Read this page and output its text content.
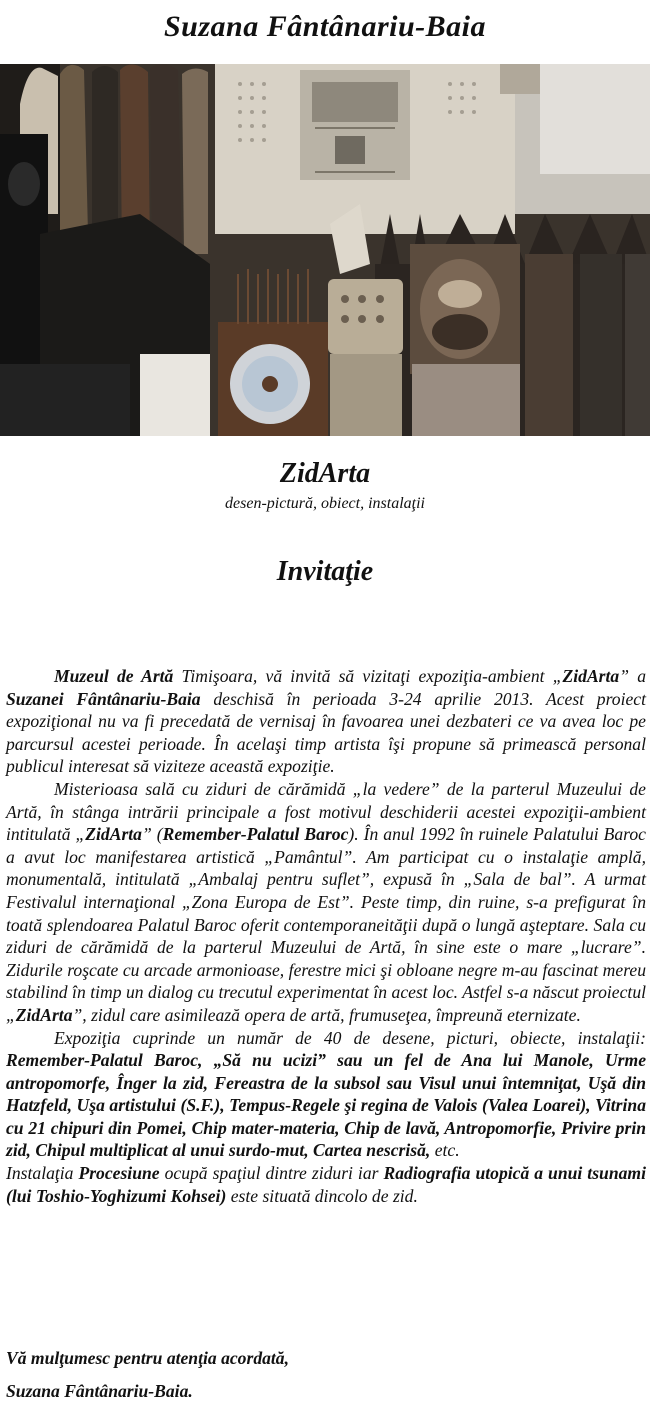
Suzana Fântânariu-Baia
ZidArta
desen-pictură, obiect, instalaţii
Invitaţie

Muzeul de Artă Timişoara, vă invită să vizitaţi expoziţia-ambient „ZidArta” a Suzanei Fântânariu-Baia deschisă în perioada 3-24 aprilie 2013. Acest proiect expoziţional nu va fi precedată de vernisaj în favoarea unei dezbateri ce va avea loc pe parcursul acestei perioade. În acelaşi timp artista îşi propune să primească personal publicul interesat să viziteze această expoziţie.

Misterioasa sală cu ziduri de cărămidă „la vedere” de la parterul Muzeului de Artă, în stânga intrării principale a fost motivul deschiderii acestei expoziţii-ambient intitulată „ZidArta” (Remember-Palatul Baroc). În anul 1992 în ruinele Palatului Baroc a avut loc manifestarea artistică „Pamântul”. Am participat cu o instalaţie amplă, monumentală, intitulată „Ambalaj pentru suflet”, expusă în „Sala de bal”. A urmat Festivalul internaţional „Zona Europa de Est”. Peste timp, din ruine, s-a prefigurat în toată splendoarea Palatul Baroc oferit contemporaneităţii după o lungă aşteptare. Sala cu ziduri de cărămidă de la parterul Muzeului de Artă, în sine este o mare „lucrare”. Zidurile roşcate cu arcade armonioase, ferestre mici şi obloane negre m-au fascinat mereu stabilind în timp un dialog cu trecutul experimentat în acest loc. Astfel s-a născut proiectul „ZidArta”, zidul care asimilează opera de artă, frumuseţea, împreună eternizate.

Expoziţia cuprinde un număr de 40 de desene, picturi, obiecte, instalaţii: Remember-Palatul Baroc, „Să nu ucizi” sau un fel de Ana lui Manole, Urme antropomorfe, Înger la zid, Fereastra de la subsol sau Visul unui întemniţat, Uşă din Hatzfeld, Uşa artistului (S.F.), Tempus-Regele şi regina de Valois (Valea Loarei), Vitrina cu 21 chipuri din Pomei, Chip mater-materia, Chip de lavă, Antropomorfie, Privire prin zid, Chipul multiplicat al unui surdo-mut, Cartea nescrisă, etc.

Instalaţia Procesiune ocupă spaţiul dintre ziduri iar Radiografia utopică a unui tsunami (lui Toshio-Yoghizumi Kohsei) este situată dincolo de zid.

Vă mulţumesc pentru atenţia acordată,
Suzana Fântânariu-Baia.
